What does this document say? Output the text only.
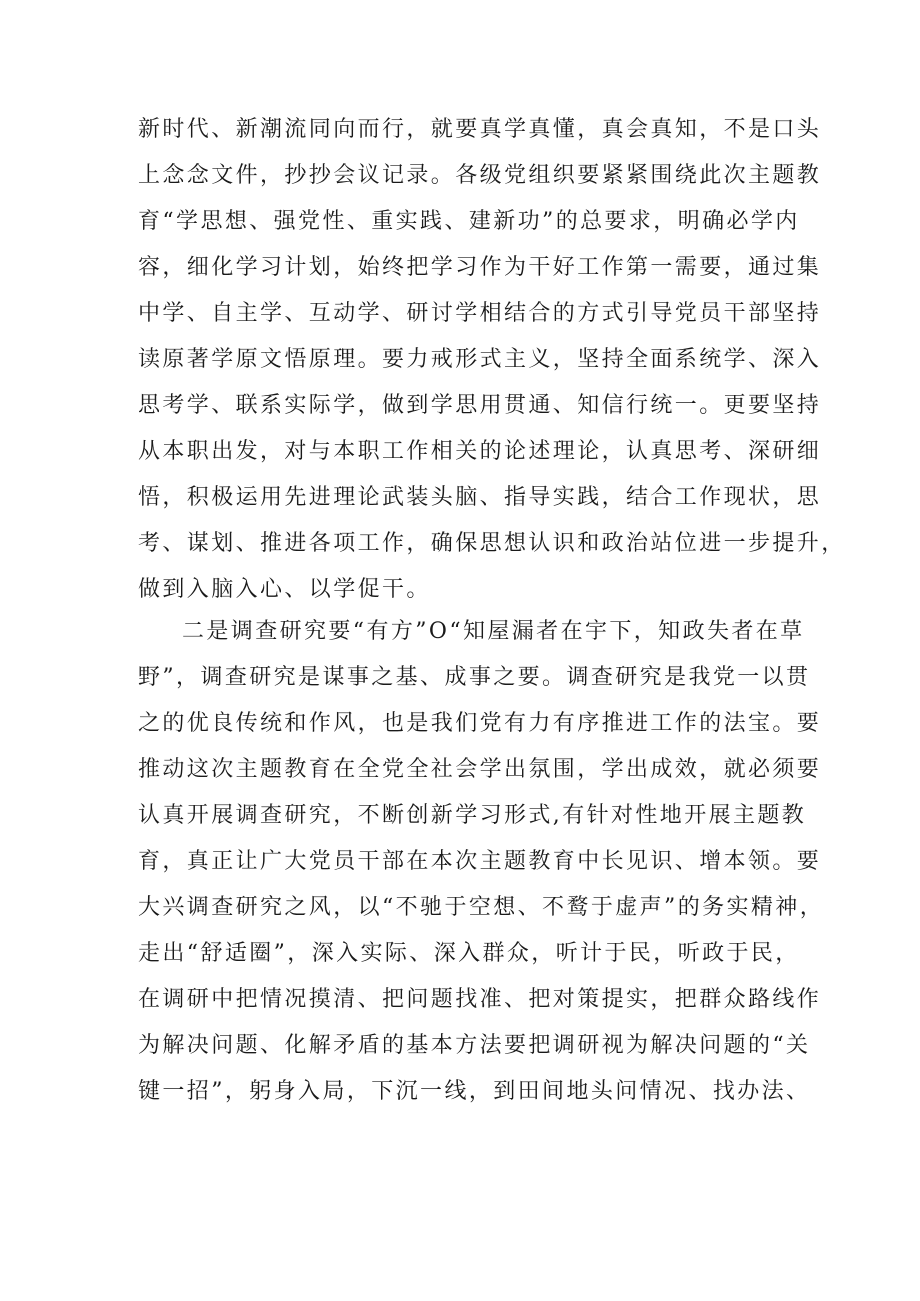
新时代、新潮流同向而行，就要真学真懂，真会真知，不是口头
上念念文件，抄抄会议记录。各级党组织要紧紧围绕此次主题教
育“学思想、强党性、重实践、建新功”的总要求，明确必学内
容，细化学习计划，始终把学习作为干好工作第一需要，通过集
中学、自主学、互动学、研讨学相结合的方式引导党员干部坚持
读原著学原文悟原理。要力戒形式主义，坚持全面系统学、深入
思考学、联系实际学，做到学思用贯通、知信行统一。更要坚持
从本职出发，对与本职工作相关的论述理论，认真思考、深研细
悟，积极运用先进理论武装头脑、指导实践，结合工作现状，思
考、谋划、推进各项工作，确保思想认识和政治站位进一步提升，
做到入脑入心、以学促干。
二是调查研究要“有方”O“知屋漏者在宇下，知政失者在草
野”，调查研究是谋事之基、成事之要。调查研究是我党一以贯
之的优良传统和作风，也是我们党有力有序推进工作的法宝。要
推动这次主题教育在全党全社会学出氛围，学出成效，就必须要
认真开展调查研究，不断创新学习形式,有针对性地开展主题教
育，真正让广大党员干部在本次主题教育中长见识、增本领。要
大兴调查研究之风，以“不驰于空想、不鹜于虚声”的务实精神，
走出“舒适圈”，深入实际、深入群众，听计于民，听政于民，
在调研中把情况摸清、把问题找准、把对策提实，把群众路线作
为解决问题、化解矛盾的基本方法要把调研视为解决问题的“关
键一招”，躬身入局，下沉一线，到田间地头问情况、找办法、
